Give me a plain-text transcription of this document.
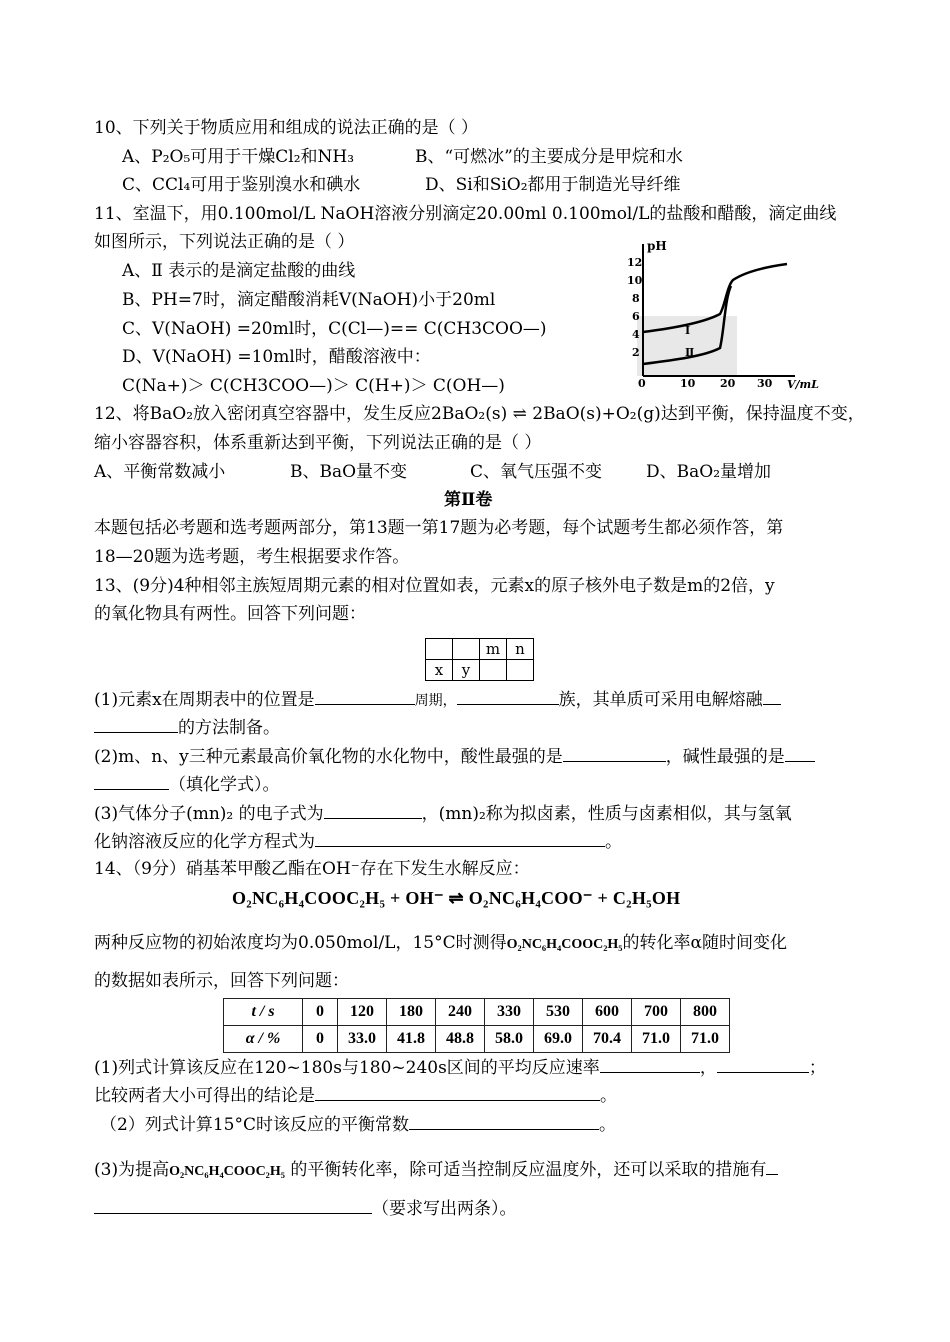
10、下列关于物质应用和组成的说法正确的是（ ）
A、P₂O₅可用于干燥Cl₂和NH₃	B、“可燃冰”的主要成分是甲烷和水
C、CCl₄可用于鉴别溴水和碘水	D、Si和SiO₂都用于制造光导纤维
11、室温下，用0.100mol/L NaOH溶液分别滴定20.00ml 0.100mol/L的盐酸和醋酸，滴定曲线
如图所示，下列说法正确的是（ ）
A、Ⅱ 表示的是滴定盐酸的曲线
B、PH=7时，滴定醋酸消耗V(NaOH)小于20ml
C、V(NaOH) =20ml时，C(Cl—)== C(CH3COO—)
D、V(NaOH) =10ml时，醋酸溶液中：
C(Na+)＞ C(CH3COO—)＞ C(H+)＞ C(OH—)
pH
V/mL
12
10
8
6
4
2
0	10 20 30
Ⅰ
Ⅱ
12、将BaO₂放入密闭真空容器中，发生反应2BaO₂(s) ⇌ 2BaO(s)+O₂(g)达到平衡，保持温度不变，
缩小容器容积，体系重新达到平衡，下列说法正确的是（ ）
A、平衡常数减小	B、BaO量不变	C、氧气压强不变	D、BaO₂量增加
第Ⅱ卷
本题包括必考题和选考题两部分，第13题一第17题为必考题，每个试题考生都必须作答，第
18—20题为选考题，考生根据要求作答。
13、(9分)4种相邻主族短周期元素的相对位置如表，元素x的原子核外电子数是m的2倍，y
的氧化物具有两性。回答下列问题：
		m	n
x	y		
(1)元素x在周期表中的位置是	周期，	族，其单质可采用电解熔融
的方法制备。
(2)m、n、y三种元素最高价氧化物的水化物中，酸性最强的是	，碱性最强的是
（填化学式）。
(3)气体分子(mn)₂ 的电子式为	，(mn)₂称为拟卤素，性质与卤素相似，其与氢氧
化钠溶液反应的化学方程式为	。
14、（9分）硝基苯甲酸乙酯在OH⁻存在下发生水解反应：
O₂NC₆H₄COOC₂H₅ + OH⁻ ⇌ O₂NC₆H₄COO⁻ + C₂H₅OH
两种反应物的初始浓度均为0.050mol/L，15°C时测得O₂NC₆H₄COOC₂H₅的转化率α随时间变化
的数据如表所示，回答下列问题：
t / s	0	120	180	240	330	530	600	700	800
α / %	0	33.0	41.8	48.8	58.0	69.0	70.4	71.0	71.0
(1)列式计算该反应在120~180s与180~240s区间的平均反应速率	，	；
比较两者大小可得出的结论是	。
（2）列式计算15°C时该反应的平衡常数	。
(3)为提高O₂NC₆H₄COOC₂H₅ 的平衡转化率，除可适当控制反应温度外，还可以采取的措施有
（要求写出两条）。
